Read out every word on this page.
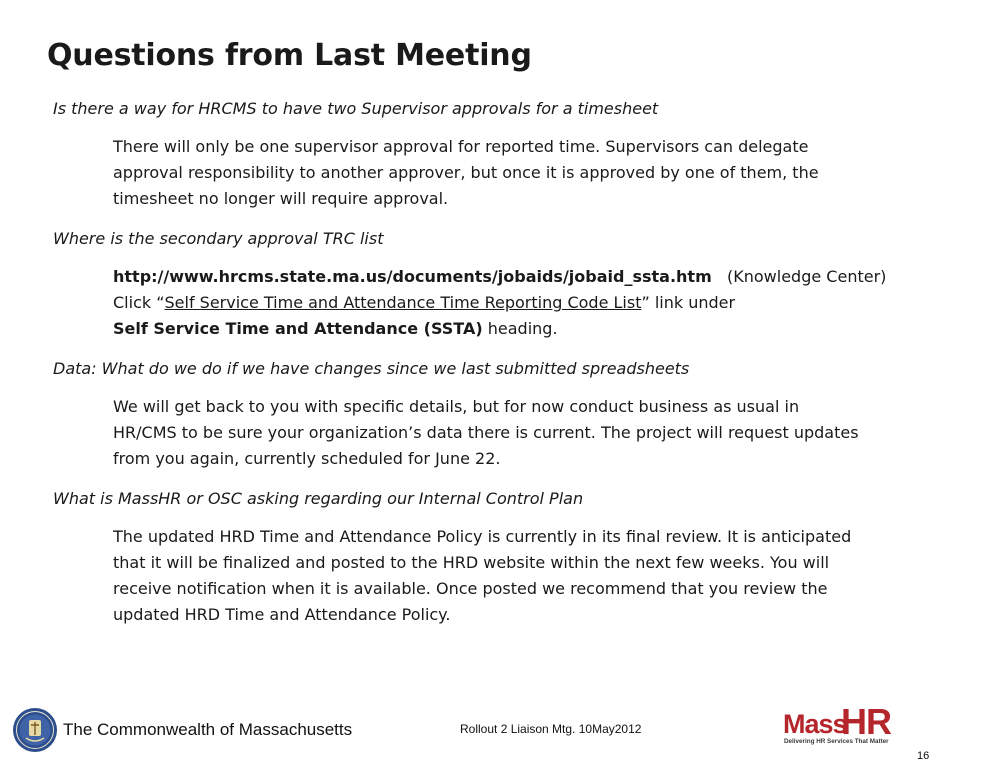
Questions from Last Meeting

Is there a way for HRCMS to have two Supervisor approvals for a timesheet

There will only be one supervisor approval for reported time. Supervisors can delegate
approval responsibility to another approver, but once it is approved by one of them, the
timesheet no longer will require approval.

Where is the secondary approval TRC list

http://www.hrcms.state.ma.us/documents/jobaids/jobaid_ssta.htm (Knowledge Center)
Click “Self Service Time and Attendance Time Reporting Code List” link under
Self Service Time and Attendance (SSTA) heading.

Data: What do we do if we have changes since we last submitted spreadsheets

We will get back to you with specific details, but for now conduct business as usual in
HR/CMS to be sure your organization’s data there is current. The project will request updates
from you again, currently scheduled for June 22.

What is MassHR or OSC asking regarding our Internal Control Plan

The updated HRD Time and Attendance Policy is currently in its final review. It is anticipated
that it will be finalized and posted to the HRD website within the next few weeks. You will
receive notification when it is available. Once posted we recommend that you review the
updated HRD Time and Attendance Policy.
The Commonwealth of Massachusetts	Rollout 2 Liaison Mtg. 10May2012	Mass
HR
Delivering HR Services That Matter
16
